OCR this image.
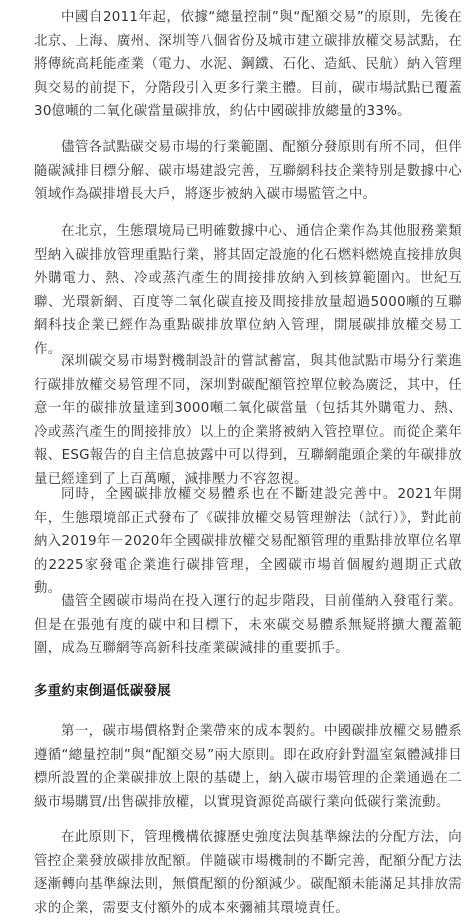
中國自2011年起，依據“總量控制”與“配額交易”的原則，先後在北京、上海、廣州、深圳等八個省份及城市建立碳排放權交易試點，在將傳統高耗能產業（電力、水泥、鋼鐵、石化、造紙、民航）納入管理與交易的前提下，分階段引入更多行業主體。目前，碳市場試點已覆蓋30億噸的二氧化碳當量碳排放，約佔中國碳排放總量的33%。

儘管各試點碳交易市場的行業範圍、配額分發原則有所不同，但伴隨碳減排目標分解、碳市場建設完善，互聯網科技企業特別是數據中心領域作為碳排增長大戶，將逐步被納入碳市場監管之中。

在北京，生態環境局已明確數據中心、通信企業作為其他服務業類型納入碳排放管理重點行業，將其固定設施的化石燃料燃燒直接排放與外購電力、熱、冷或蒸汽產生的間接排放納入到核算範圍內。世紀互聯、光環新網、百度等二氧化碳直接及間接排放量超過5000噸的互聯網科技企業已經作為重點碳排放單位納入管理，開展碳排放權交易工作。

深圳碳交易市場對機制設計的嘗試蓄富，與其他試點市場分行業進行碳排放權交易管理不同，深圳對碳配額管控單位較為廣泛，其中，任意一年的碳排放量達到3000噸二氧化碳當量（包括其外購電力、熱、冷或蒸汽產生的間接排放）以上的企業將被納入管控單位。而從企業年報、ESG報告的自主信息披露中可以得到，互聯網龍頭企業的年碳排放量已經達到了上百萬噸，減排壓力不容忽視。

同時，全國碳排放權交易體系也在不斷建設完善中。2021年開年，生態環境部正式發布了《碳排放權交易管理辦法（試行）》，對此前納入2019年－2020年全國碳排放權交易配額管理的重點排放單位名單的2225家發電企業進行碳排管理，全國碳市場首個履約週期正式啟動。

儘管全國碳市場尚在投入運行的起步階段，目前僅納入發電行業。但是在張弛有度的碳中和目標下，未來碳交易體系無疑將擴大覆蓋範圍，成為互聯網等高新科技產業碳減排的重要抓手。

多重約束倒逼低碳發展

第一，碳市場價格對企業帶來的成本製約。中國碳排放權交易體系遵循“總量控制”與“配額交易”兩大原則。即在政府針對溫室氣體減排目標所設置的企業碳排放上限的基礎上，納入碳市場管理的企業通過在二級市場購買/出售碳排放權，以實現資源從高碳行業向低碳行業流動。

在此原則下，管理機構依據歷史強度法與基準線法的分配方法，向管控企業發放碳排放配額。伴隨碳市場機制的不斷完善，配額分配方法逐漸轉向基準線法則，無償配額的份額減少。碳配額未能滿足其排放需求的企業，需要支付額外的成本來彌補其環境責任。
